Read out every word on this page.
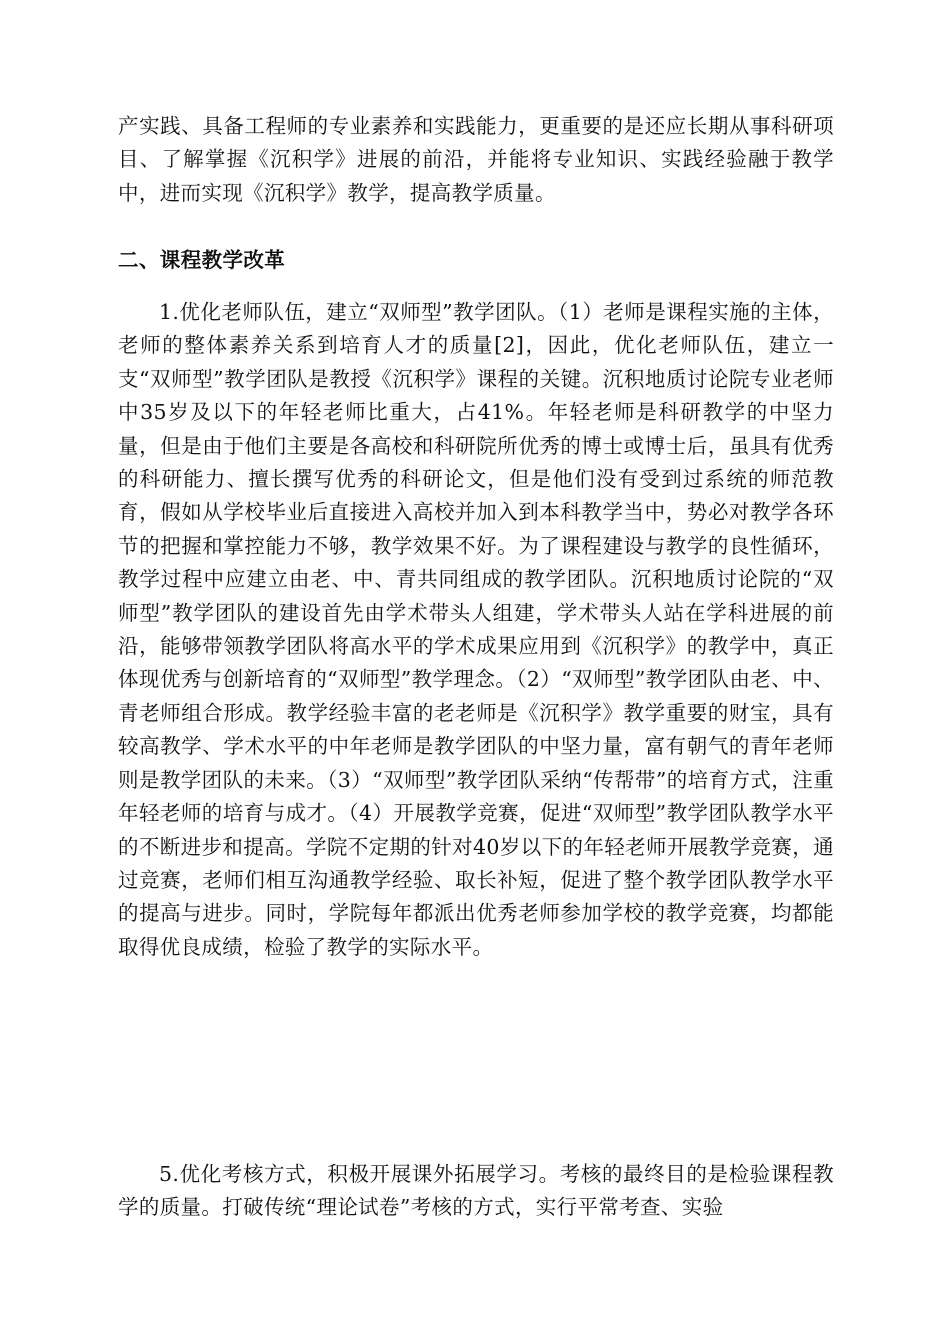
产实践、具备工程师的专业素养和实践能力，更重要的是还应长期从事科研项目、了解掌握《沉积学》进展的前沿，并能将专业知识、实践经验融于教学中，进而实现《沉积学》教学，提高教学质量。

二、课程教学改革

1.优化老师队伍，建立“双师型”教学团队。（1）老师是课程实施的主体，老师的整体素养关系到培育人才的质量[2]，因此，优化老师队伍，建立一支“双师型”教学团队是教授《沉积学》课程的关键。沉积地质讨论院专业老师中35岁及以下的年轻老师比重大，占41%。年轻老师是科研教学的中坚力量，但是由于他们主要是各高校和科研院所优秀的博士或博士后，虽具有优秀的科研能力、擅长撰写优秀的科研论文，但是他们没有受到过系统的师范教育，假如从学校毕业后直接进入高校并加入到本科教学当中，势必对教学各环节的把握和掌控能力不够，教学效果不好。为了课程建设与教学的良性循环，教学过程中应建立由老、中、青共同组成的教学团队。沉积地质讨论院的“双师型”教学团队的建设首先由学术带头人组建，学术带头人站在学科进展的前沿，能够带领教学团队将高水平的学术成果应用到《沉积学》的教学中，真正体现优秀与创新培育的“双师型”教学理念。（2）“双师型”教学团队由老、中、青老师组合形成。教学经验丰富的老老师是《沉积学》教学重要的财宝，具有较高教学、学术水平的中年老师是教学团队的中坚力量，富有朝气的青年老师则是教学团队的未来。（3）“双师型”教学团队采纳“传帮带”的培育方式，注重年轻老师的培育与成才。（4）开展教学竞赛，促进“双师型”教学团队教学水平的不断进步和提高。学院不定期的针对40岁以下的年轻老师开展教学竞赛，通过竞赛，老师们相互沟通教学经验、取长补短，促进了整个教学团队教学水平的提高与进步。同时，学院每年都派出优秀老师参加学校的教学竞赛，均都能取得优良成绩，检验了教学的实际水平。

5.优化考核方式，积极开展课外拓展学习。考核的最终目的是检验课程教学的质量。打破传统“理论试卷”考核的方式，实行平常考查、实验
